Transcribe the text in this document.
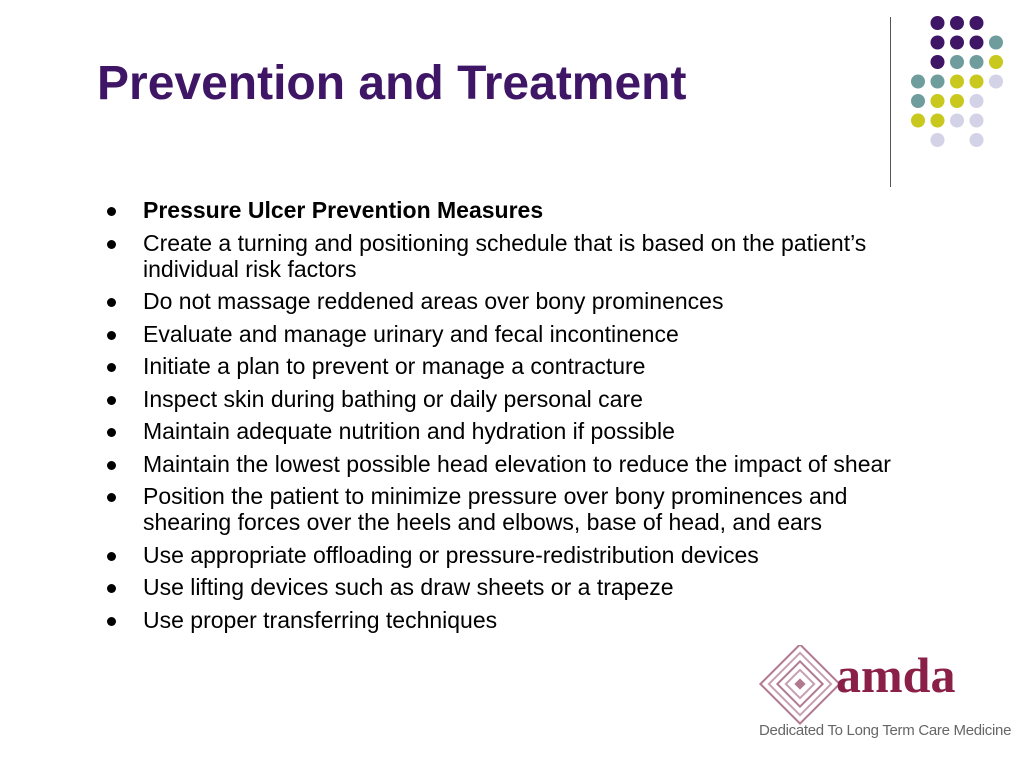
Prevention and Treatment
Pressure Ulcer Prevention Measures
Create a turning and positioning schedule that is based on the patient’s individual risk factors
Do not massage reddened areas over bony prominences
Evaluate and manage urinary and fecal incontinence
Initiate a plan to prevent or manage a contracture
Inspect skin during bathing or daily personal care
Maintain adequate nutrition and hydration if possible
Maintain the lowest possible head elevation to reduce the impact of shear
Position the patient to minimize pressure over bony prominences and shearing forces over the heels and elbows, base of head, and ears
Use appropriate offloading or pressure-redistribution devices
Use lifting devices such as draw sheets or a trapeze
Use proper transferring techniques
amda
Dedicated To Long Term Care Medicine
